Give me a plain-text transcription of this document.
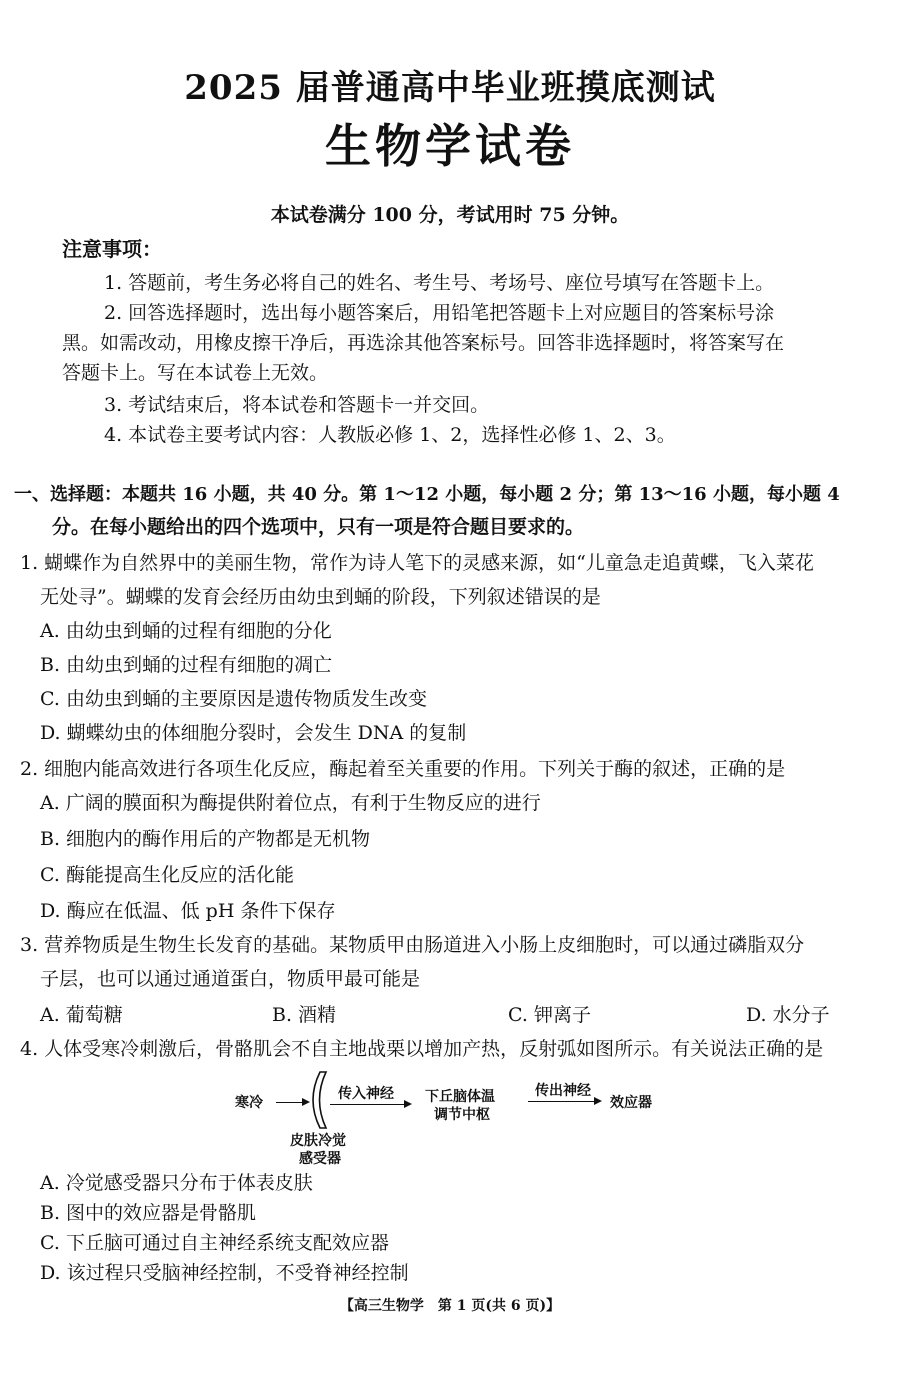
2025 届普通高中毕业班摸底测试
生物学试卷
本试卷满分 100 分，考试用时 75 分钟。
注意事项：
1. 答题前，考生务必将自己的姓名、考生号、考场号、座位号填写在答题卡上。
2. 回答选择题时，选出每小题答案后，用铅笔把答题卡上对应题目的答案标号涂
黑。如需改动，用橡皮擦干净后，再选涂其他答案标号。回答非选择题时，将答案写在
答题卡上。写在本试卷上无效。
3. 考试结束后，将本试卷和答题卡一并交回。
4. 本试卷主要考试内容：人教版必修 1、2，选择性必修 1、2、3。
一、选择题：本题共 16 小题，共 40 分。第 1～12 小题，每小题 2 分；第 13～16 小题，每小题 4
分。在每小题给出的四个选项中，只有一项是符合题目要求的。
1. 蝴蝶作为自然界中的美丽生物，常作为诗人笔下的灵感来源，如“儿童急走追黄蝶，飞入菜花
无处寻”。蝴蝶的发育会经历由幼虫到蛹的阶段，下列叙述错误的是
A. 由幼虫到蛹的过程有细胞的分化
B. 由幼虫到蛹的过程有细胞的凋亡
C. 由幼虫到蛹的主要原因是遗传物质发生改变
D. 蝴蝶幼虫的体细胞分裂时，会发生 DNA 的复制
2. 细胞内能高效进行各项生化反应，酶起着至关重要的作用。下列关于酶的叙述，正确的是
A. 广阔的膜面积为酶提供附着位点，有利于生物反应的进行
B. 细胞内的酶作用后的产物都是无机物
C. 酶能提高生化反应的活化能
D. 酶应在低温、低 pH 条件下保存
3. 营养物质是生物生长发育的基础。某物质甲由肠道进入小肠上皮细胞时，可以通过磷脂双分
子层，也可以通过通道蛋白，物质甲最可能是
A. 葡萄糖	B. 酒精	C. 钾离子	D. 水分子
4. 人体受寒冷刺激后，骨骼肌会不自主地战栗以增加产热，反射弧如图所示。有关说法正确的是
寒冷
传入神经 下丘脑体温
调节中枢
传出神经
效应器
皮肤冷觉
感受器
A. 冷觉感受器只分布于体表皮肤
B. 图中的效应器是骨骼肌
C. 下丘脑可通过自主神经系统支配效应器
D. 该过程只受脑神经控制，不受脊神经控制
【高三生物学　第 1 页(共 6 页)】
